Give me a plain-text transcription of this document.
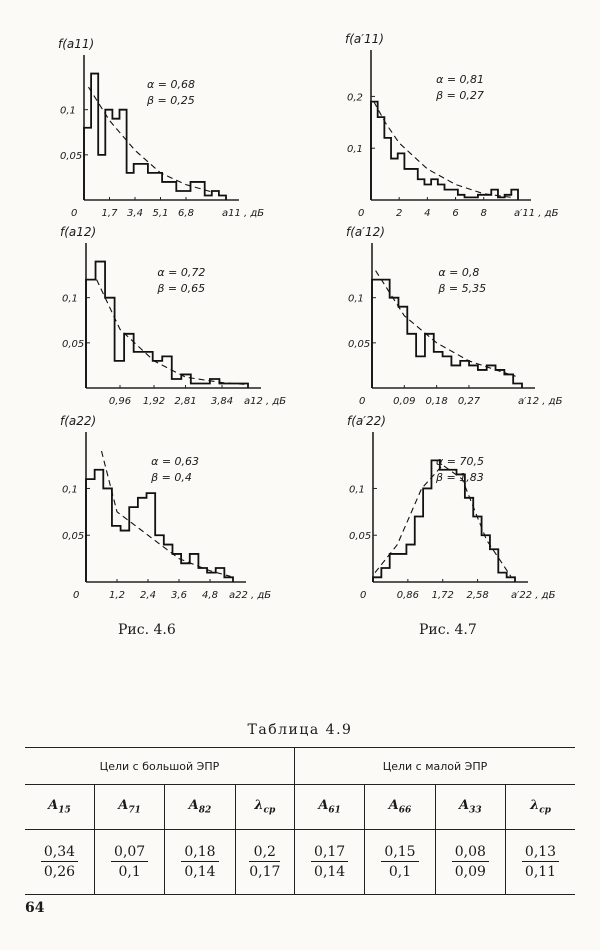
f(a11)
0,1
0,05
0 1,7 3,4 5,1 6,8	a11 , дБ
α = 0,68
β = 0,25
f(a12)
0,1
0,05
0,96 1,92 2,81 3,84 a12 , дБ
α = 0,72
β = 0,65
f(a22)
0,1
0,05
0	1,2 2,4 3,6 4,8 a22 , дБ
α = 0,63
β = 0,4
f(a′11)
0,2
0,1
0	2 4 6 8	a′11 , дБ
α = 0,81
β = 0,27
f(a′12)
0,1
0,05
0	0,09 0,18 0,27	a′12 , дБ
α = 0,8
β = 5,35
f(a′22)
0,1
0,05
0	0,86 1,72 2,58 a′22 , дБ
α = 70,5
β = 1,83
Рис. 4.6	Рис. 4.7
Таблица 4.9
Цели с большой ЭПР				Цели с малой ЭПР			
$A_{15}$	$A_{71}$	$A_{82}$	$\lambda_{ср}$	$A_{61}$	$A_{66}$	$A_{33}$	$\lambda_{ср}$

$\frac{0,34}{0,26}$	$\frac{0,07}{0,1}$	$\frac{0,18}{0,14}$	$\frac{0,2}{0,17}$	$\frac{0,17}{0,14}$	$\frac{0,15}{0,1}$	$\frac{0,08}{0,09}$	$\frac{0,13}{0,11}$
64
